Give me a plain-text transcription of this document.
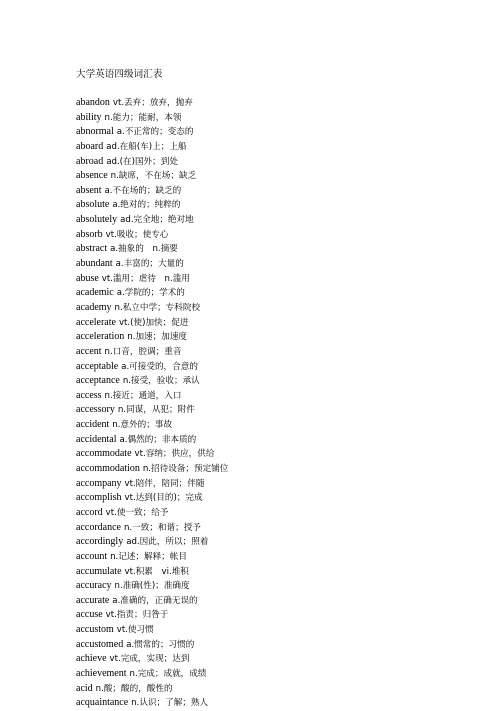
大学英语四级词汇表
abandon vt.丢弃；放弃，抛弃
ability n.能力；能耐，本领
abnormal a.不正常的；变态的
aboard ad.在船(车)上；上船
abroad ad.(在)国外；到处
absence n.缺席，不在场；缺乏
absent a.不在场的；缺乏的
absolute a.绝对的；纯粹的
absolutely ad.完全地；绝对地
absorb vt.吸收；使专心
abstract a.抽象的　n.摘要
abundant a.丰富的；大量的
abuse vt.滥用；虐待　n.滥用
academic a.学院的；学术的
academy n.私立中学；专科院校
accelerate vt.(使)加快；促进
acceleration n.加速；加速度
accent n.口音，腔调；重音
acceptable a.可接受的，合意的
acceptance n.接受，验收；承认
access n.接近；通道，入口
accessory n.同谋，从犯；附件
accident n.意外的；事故
accidental a.偶然的；非本质的
accommodate vt.容纳；供应，供给
accommodation n.招待设备；预定铺位
accompany vt.陪伴，陪同；伴随
accomplish vt.达到(目的)；完成
accord vt.使一致；给予
accordance n.一致；和谐；授予
accordingly ad.因此，所以；照着
account n.记述；解释；帐目
accumulate vt.积累　vi.堆积
accuracy n.准确(性)；准确度
accurate a.准确的，正确无误的
accuse vt.指责；归咎于
accustom vt.使习惯
accustomed a.惯常的；习惯的
achieve vt.完成，实现；达到
achievement n.完成；成就，成绩
acid n.酸；酸的，酸性的
acquaintance n.认识；了解；熟人
